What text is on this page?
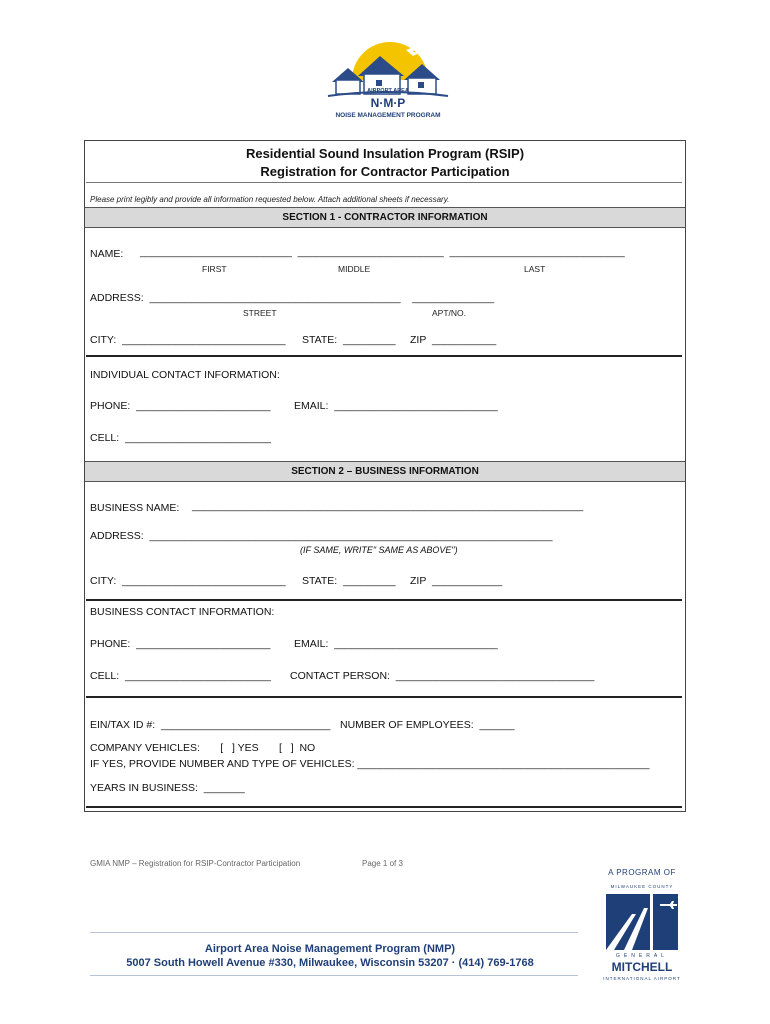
AIRPORT AREA
N·M·P
NOISE MANAGEMENT PROGRAM
Residential Sound Insulation Program (RSIP)
Registration for Contractor Participation
Please print legibly and provide all information requested below. Attach additional sheets if necessary.
SECTION 1 - CONTRACTOR INFORMATION
NAME: __________________________  _________________________  ______________________________
FIRST	MIDDLE	LAST
ADDRESS:  ___________________________________________    ______________
STREET	APT/NO.
CITY:  ____________________________ STATE:  _________ ZIP  ___________
INDIVIDUAL CONTACT INFORMATION:
PHONE:  _______________________ EMAIL:  ____________________________
CELL:  _________________________
SECTION 2 – BUSINESS INFORMATION
BUSINESS NAME: ___________________________________________________________________
ADDRESS:  _____________________________________________________________________
(IF SAME, WRITE" SAME AS ABOVE")
CITY:  ____________________________ STATE:  _________ ZIP  ____________
BUSINESS CONTACT INFORMATION:
PHONE:  _______________________ EMAIL:  ____________________________
CELL:  _________________________ CONTACT PERSON:  __________________________________
EIN/TAX ID #:  _____________________________ NUMBER OF EMPLOYEES:  ______
COMPANY VEHICLES:       [   ] YES       [   ]  NO
IF YES, PROVIDE NUMBER AND TYPE OF VEHICLES: __________________________________________________
YEARS IN BUSINESS:  _______
GMIA NMP – Registration for RSIP-Contractor Participation	Page 1 of 3
Airport Area Noise Management Program (NMP)
5007 South Howell Avenue #330, Milwaukee, Wisconsin 53207 · (414) 769-1768
A PROGRAM OF
MILWAUKEE COUNTY
GENERAL
MITCHELL
INTERNATIONAL AIRPORT
